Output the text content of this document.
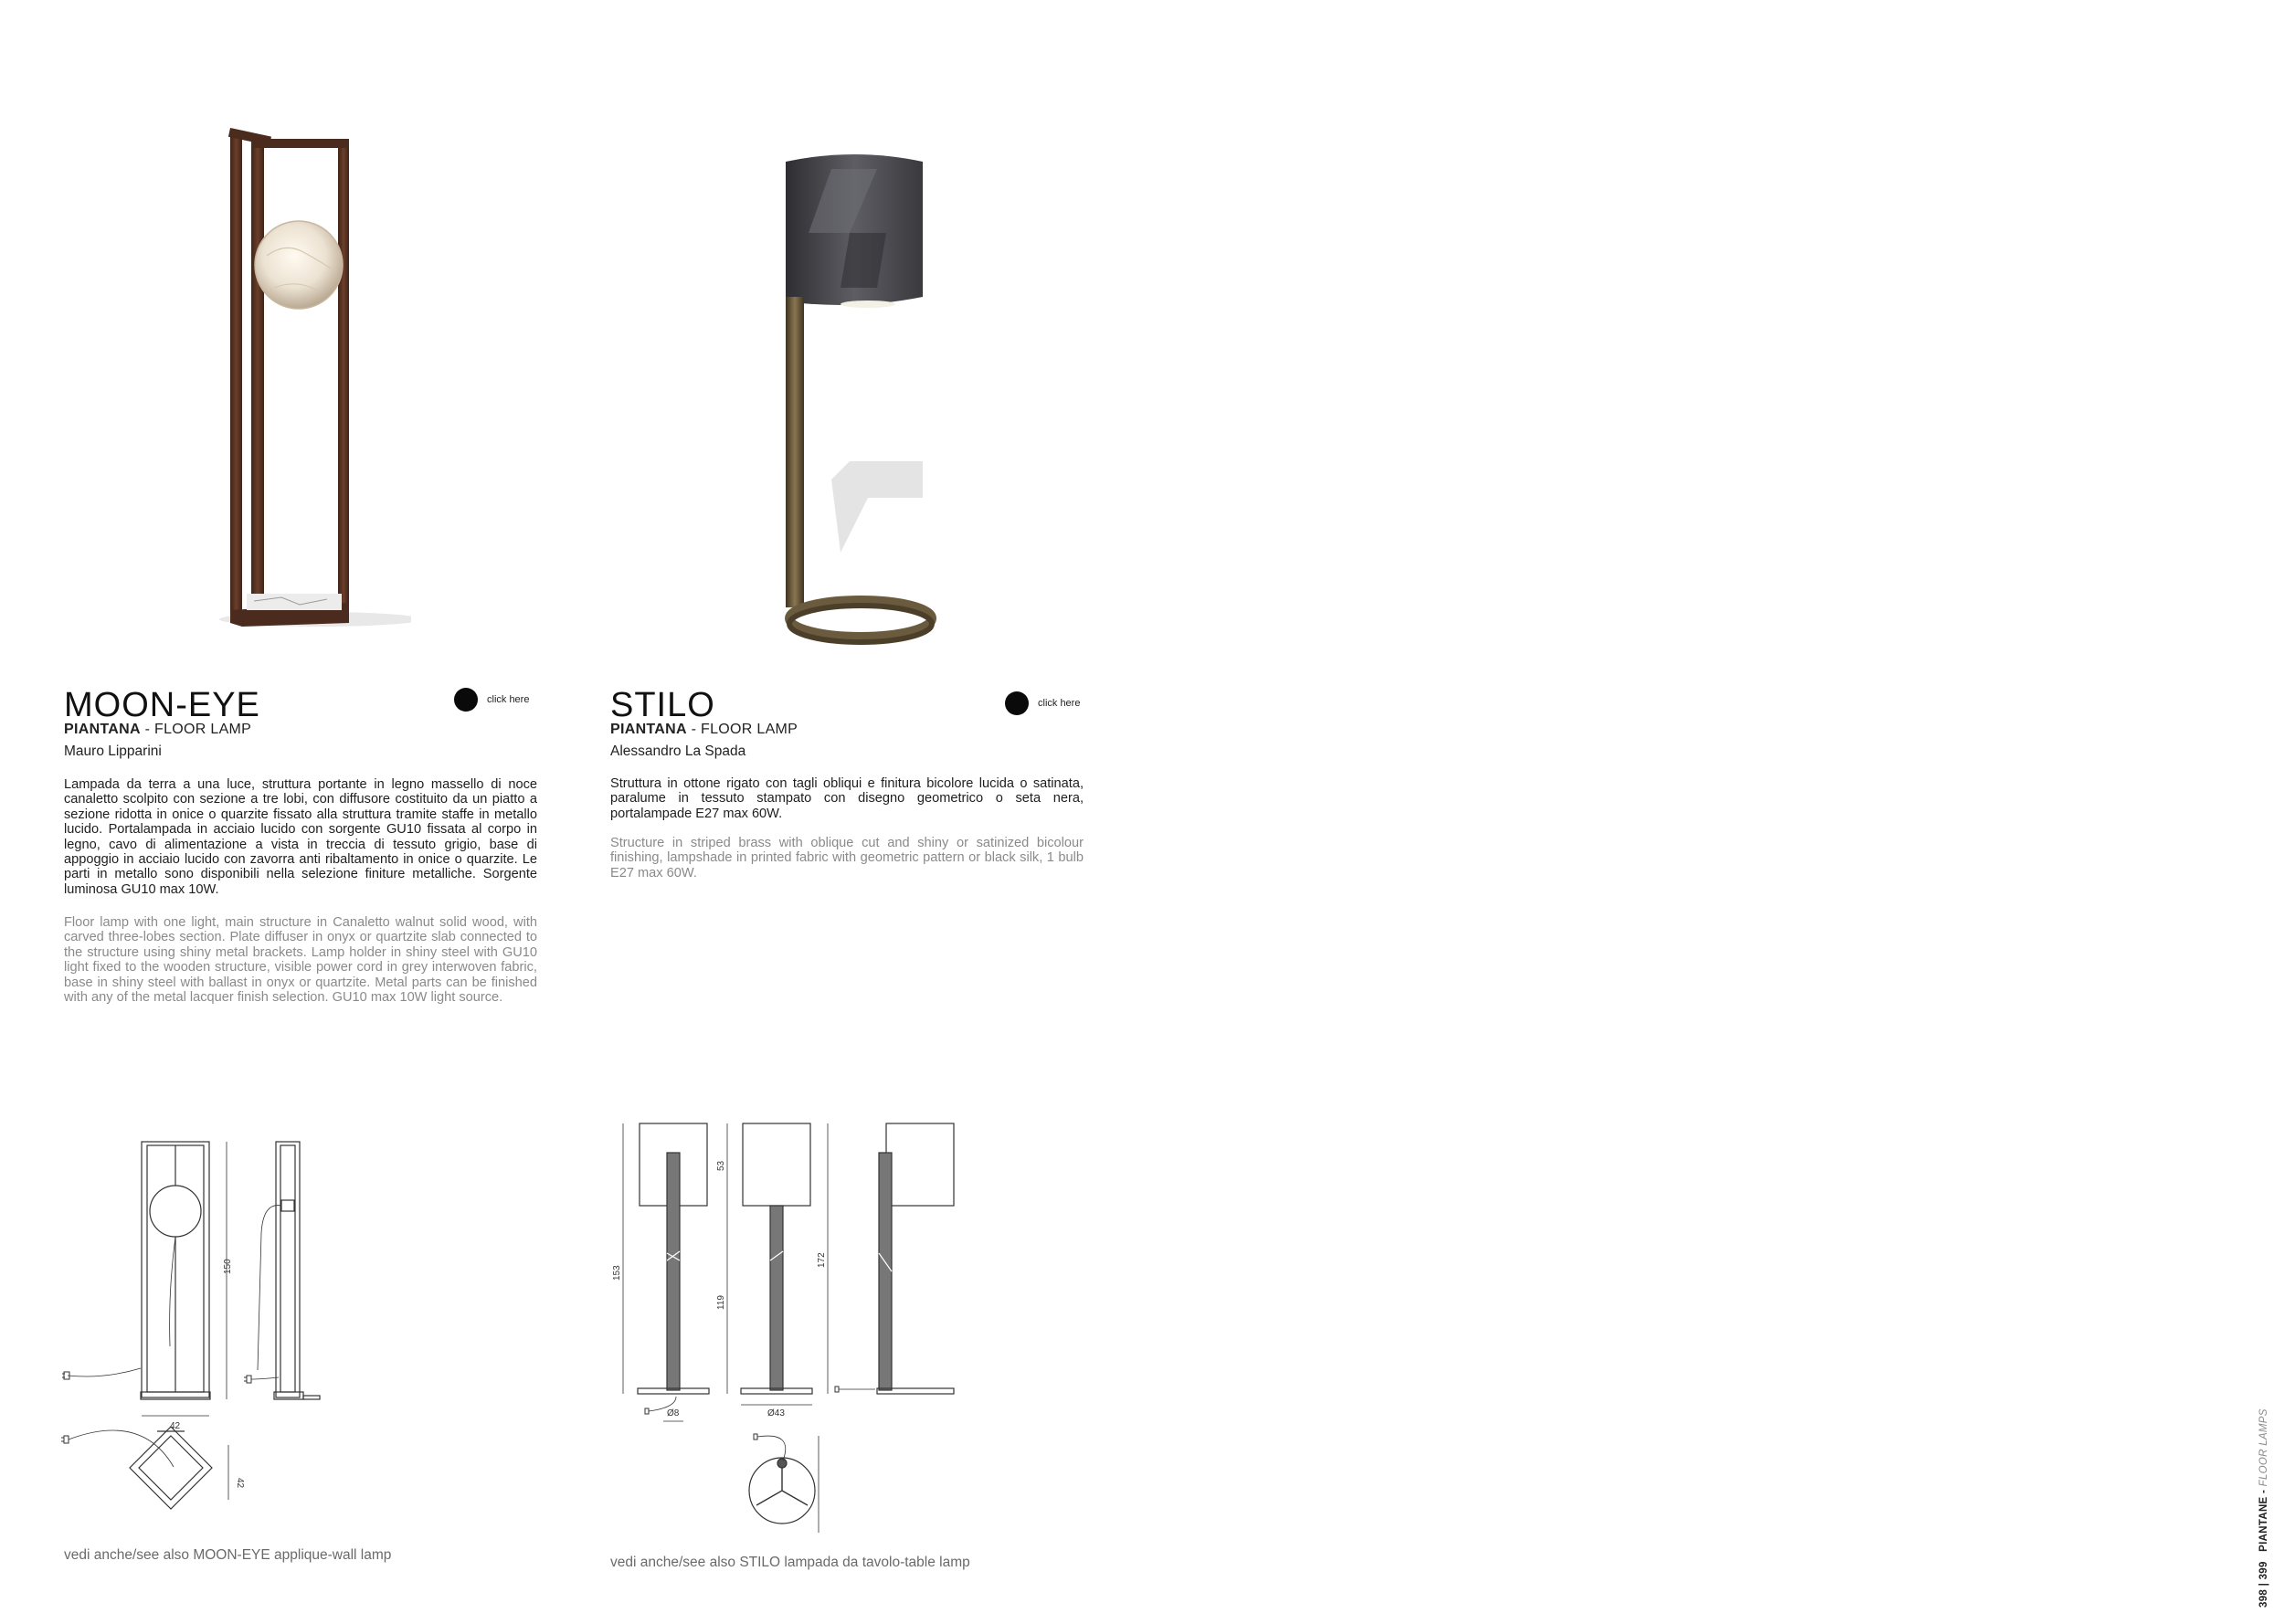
MOON-EYE	click here
PIANTANA - FLOOR LAMP
Mauro Lipparini
Lampada da terra a una luce, struttura portante in legno massello di noce canaletto scolpito con sezione a tre lobi, con diffusore costituito da un piatto a sezione ridotta in onice o quarzite fissato alla struttura tramite staffe in metallo lucido. Portalampada in acciaio lucido con sorgente GU10 fissata al corpo in legno, cavo di alimentazione a vista in treccia di tessuto grigio, base di appoggio in acciaio lucido con zavorra anti ribaltamento in onice o quarzite. Le parti in metallo sono disponibili nella selezione finiture metalliche. Sorgente luminosa GU10 max 10W.
Floor lamp with one light, main structure in Canaletto walnut solid wood, with carved three-lobes section. Plate diffuser in onyx or quartzite slab connected to the structure using shiny metal brackets. Lamp holder in shiny steel with GU10 light fixed to the wooden structure, visible power cord in grey interwoven fabric, base in shiny steel with ballast in onyx or quartzite. Metal parts can be finished with any of the metal lacquer finish selection. GU10 max 10W light source.
STILO	click here
PIANTANA - FLOOR LAMP
Alessandro La Spada
Struttura in ottone rigato con tagli obliqui e finitura bicolore lucida o satinata, paralume in tessuto stampato con disegno geometrico o seta nera, portalampade E27 max 60W.
Structure in striped brass with oblique cut and shiny or satinized bicolour finishing, lampshade in printed fabric with geometric pattern or black silk, 1 bulb E27 max 60W.
150
42
42
153
53
119
172
Ø43
Ø8
vedi anche/see also MOON-EYE applique-wall lamp	vedi anche/see also STILO lampada da tavolo-table lamp	398 | 399   PIANTANE - FLOOR LAMPS
